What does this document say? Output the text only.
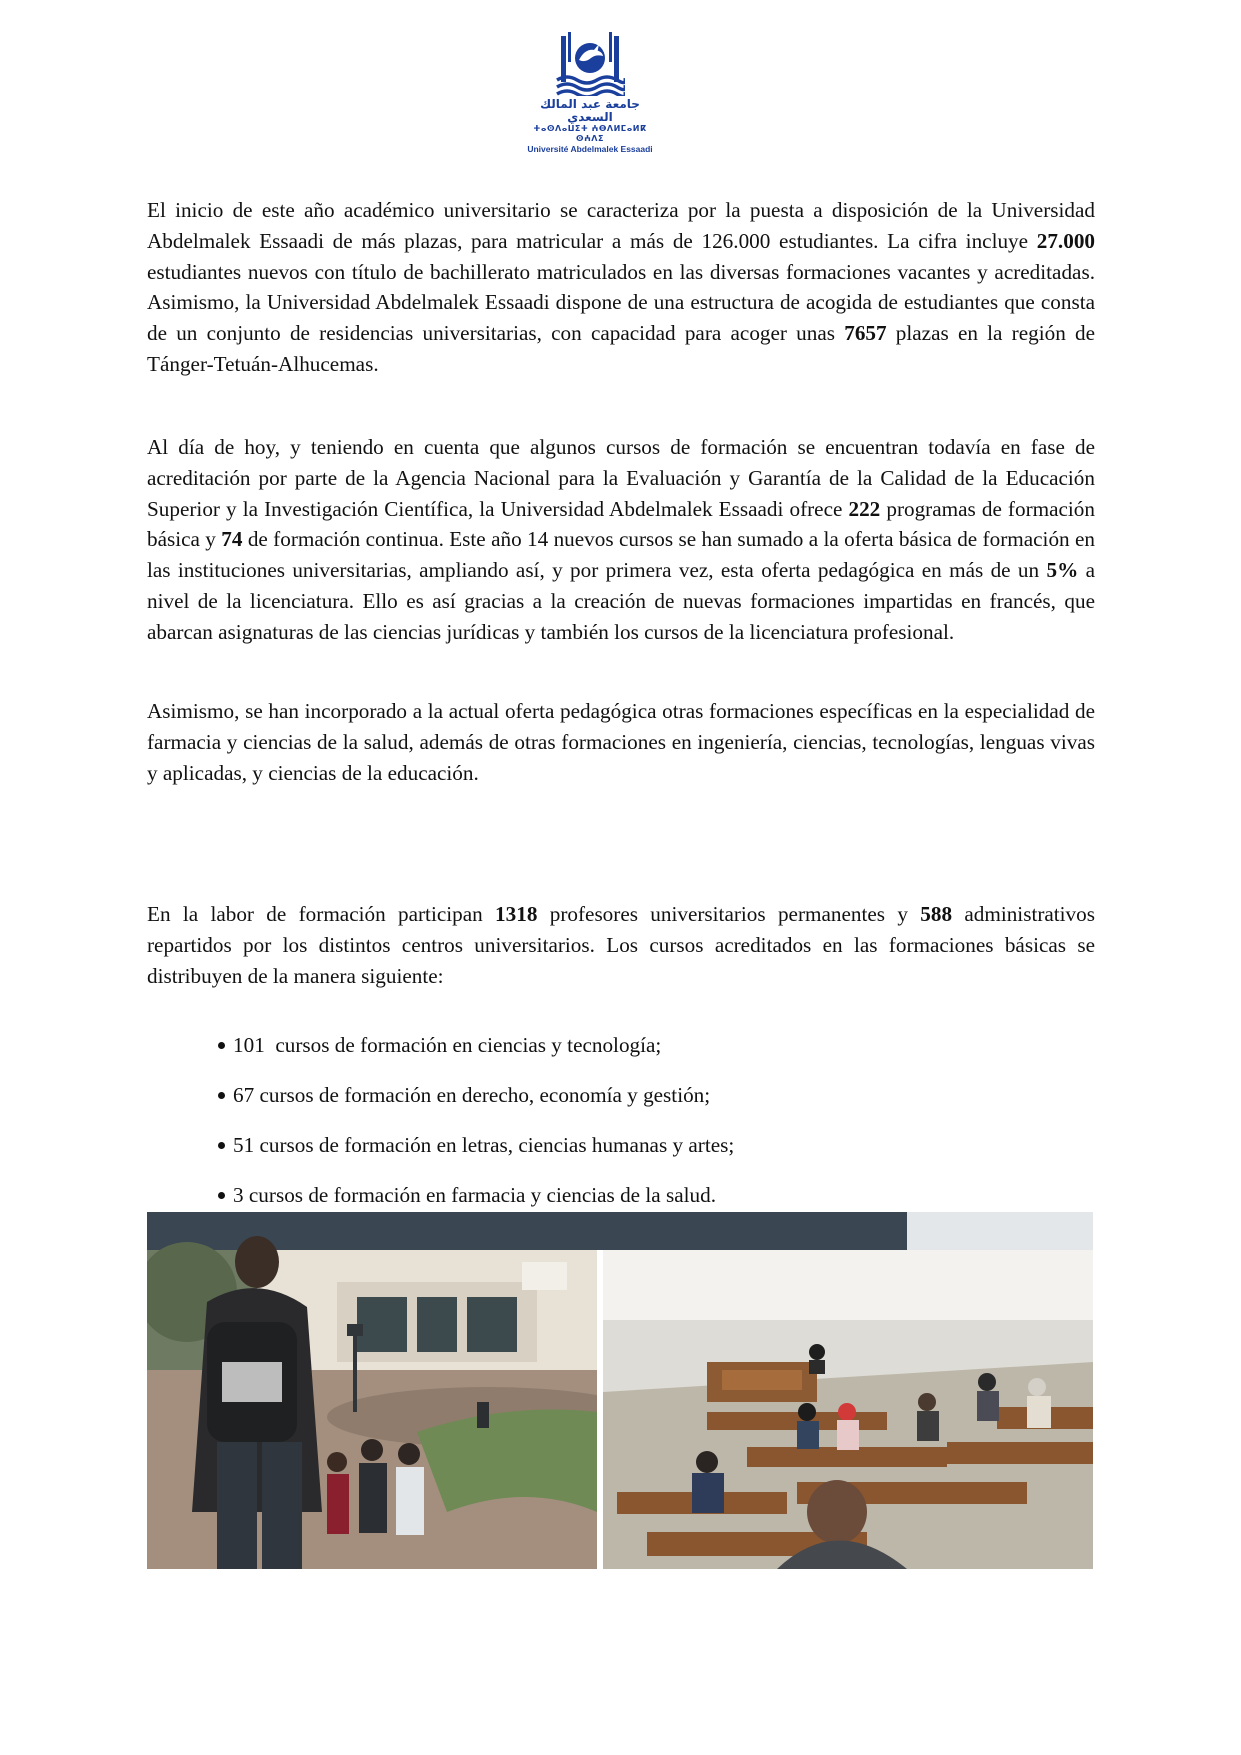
جامعة عبد المالك السعدي
ⵜⴰⵙⴷⴰⵡⵉⵜ ⵄⴱⴷⵍⵎⴰⵍⴽ ⵙⵄⴷⵉ
Université Abdelmalek Essaadi

El inicio de este año académico universitario se caracteriza por la puesta a disposición de la Universidad Abdelmalek Essaadi de más plazas, para matricular a más de 126.000 estudiantes. La cifra incluye 27.000 estudiantes nuevos con título de bachillerato matriculados en las diversas formaciones vacantes y acreditadas. Asimismo, la Universidad Abdelmalek Essaadi dispone de una estructura de acogida de estudiantes que consta de un conjunto de residencias universitarias, con capacidad para acoger unas 7657 plazas en la región de Tánger-Tetuán-Alhucemas.

Al día de hoy, y teniendo en cuenta que algunos cursos de formación se encuentran todavía en fase de acreditación por parte de la Agencia Nacional para la Evaluación y Garantía de la Calidad de la Educación Superior y la Investigación Científica, la Universidad Abdelmalek Essaadi ofrece 222 programas de formación básica y 74 de formación continua. Este año 14 nuevos cursos se han sumado a la oferta básica de formación en las instituciones universitarias, ampliando así, y por primera vez, esta oferta pedagógica en más de un 5% a nivel de la licenciatura. Ello es así gracias a la creación de nuevas formaciones impartidas en francés, que abarcan asignaturas de las ciencias jurídicas y también los cursos de la licenciatura profesional.

Asimismo, se han incorporado a la actual oferta pedagógica otras formaciones específicas en la especialidad de farmacia y ciencias de la salud, además de otras formaciones en ingeniería, ciencias, tecnologías, lenguas vivas y aplicadas, y ciencias de la educación.

En la labor de formación participan 1318 profesores universitarios permanentes y 588 administrativos repartidos por los distintos centros universitarios. Los cursos acreditados en las formaciones básicas se distribuyen de la manera siguiente:

101  cursos de formación en ciencias y tecnología;
67 cursos de formación en derecho, economía y gestión;
51 cursos de formación en letras, ciencias humanas y artes;
3 cursos de formación en farmacia y ciencias de la salud.
